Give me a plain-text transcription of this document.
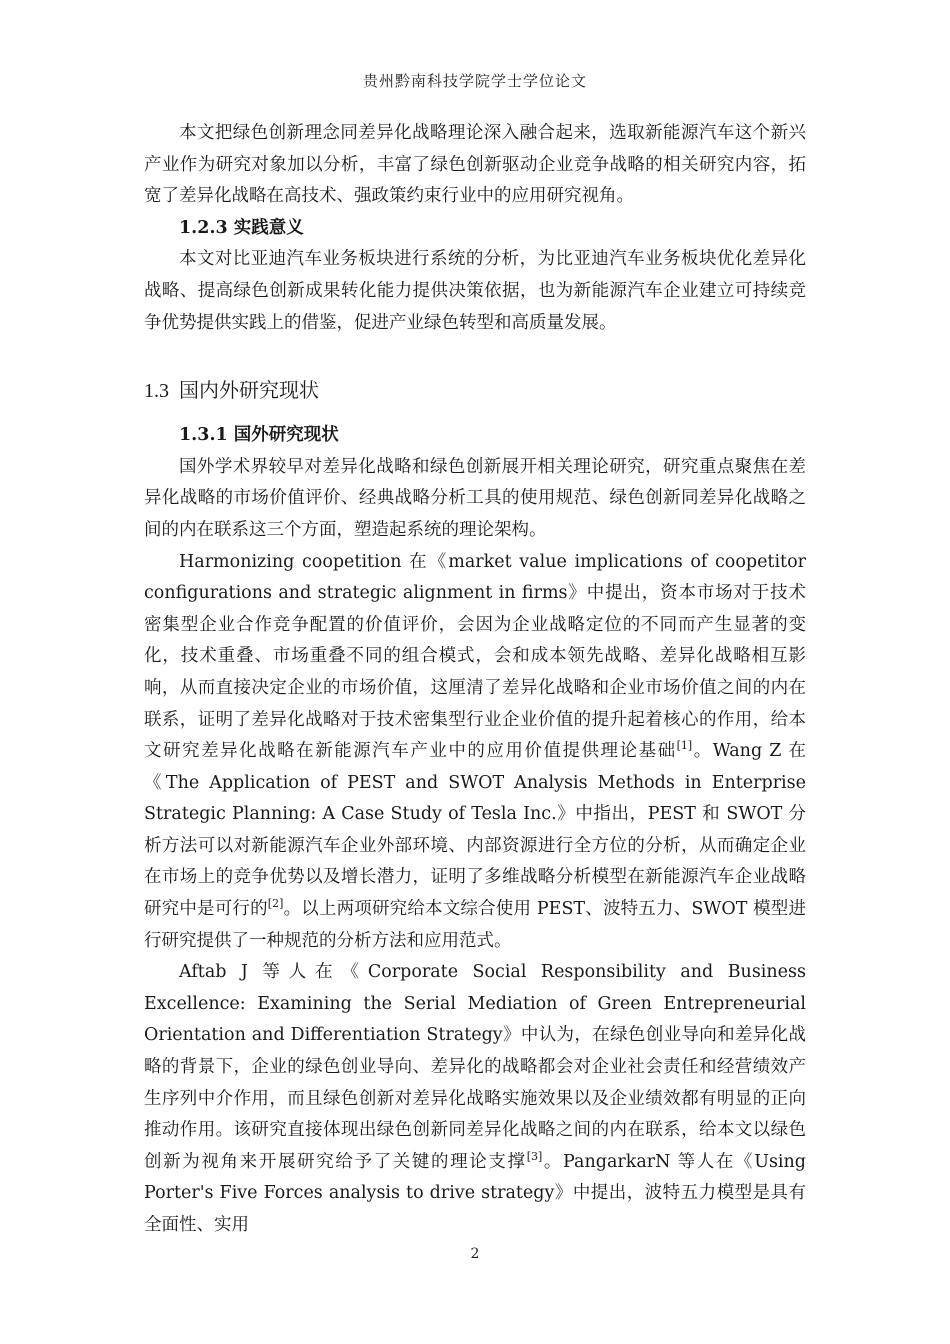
贵州黔南科技学院学士学位论文

本文把绿色创新理念同差异化战略理论深入融合起来，选取新能源汽车这个新兴产业作为研究对象加以分析，丰富了绿色创新驱动企业竞争战略的相关研究内容，拓宽了差异化战略在高技术、强政策约束行业中的应用研究视角。

1.2.3 实践意义

本文对比亚迪汽车业务板块进行系统的分析，为比亚迪汽车业务板块优化差异化战略、提高绿色创新成果转化能力提供决策依据，也为新能源汽车企业建立可持续竞争优势提供实践上的借鉴，促进产业绿色转型和高质量发展。

1.3 国内外研究现状

1.3.1 国外研究现状

国外学术界较早对差异化战略和绿色创新展开相关理论研究，研究重点聚焦在差异化战略的市场价值评价、经典战略分析工具的使用规范、绿色创新同差异化战略之间的内在联系这三个方面，塑造起系统的理论架构。

Harmonizing coopetition 在《market value implications of coopetitor configurations and strategic alignment in firms》中提出，资本市场对于技术密集型企业合作竞争配置的价值评价，会因为企业战略定位的不同而产生显著的变化，技术重叠、市场重叠不同的组合模式，会和成本领先战略、差异化战略相互影响，从而直接决定企业的市场价值，这厘清了差异化战略和企业市场价值之间的内在联系，证明了差异化战略对于技术密集型行业企业价值的提升起着核心的作用，给本文研究差异化战略在新能源汽车产业中的应用价值提供理论基础[1]。Wang Z 在《The Application of PEST and SWOT Analysis Methods in Enterprise Strategic Planning: A Case Study of Tesla Inc.》中指出，PEST 和 SWOT 分析方法可以对新能源汽车企业外部环境、内部资源进行全方位的分析，从而确定企业在市场上的竞争优势以及增长潜力，证明了多维战略分析模型在新能源汽车企业战略研究中是可行的[2]。以上两项研究给本文综合使用 PEST、波特五力、SWOT 模型进行研究提供了一种规范的分析方法和应用范式。

Aftab J 等人在《Corporate Social Responsibility and Business Excellence: Examining the Serial Mediation of Green Entrepreneurial Orientation and Differentiation Strategy》中认为，在绿色创业导向和差异化战略的背景下，企业的绿色创业导向、差异化的战略都会对企业社会责任和经营绩效产生序列中介作用，而且绿色创新对差异化战略实施效果以及企业绩效都有明显的正向推动作用。该研究直接体现出绿色创新同差异化战略之间的内在联系，给本文以绿色创新为视角来开展研究给予了关键的理论支撑[3]。PangarkarN 等人在《Using Porter's Five Forces analysis to drive strategy》中提出，波特五力模型是具有全面性、实用

2
